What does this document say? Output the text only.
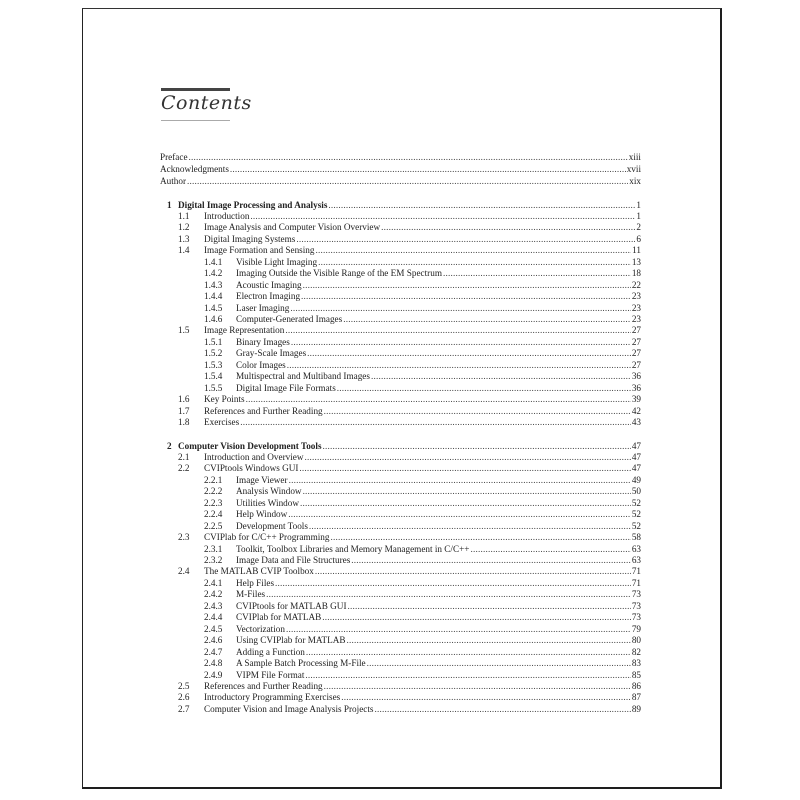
Contents
Preface .....	xiii
Acknowledgments .....	xvii
Author .....	xix
1 Digital Image Processing and Analysis .....	1
1.1	Introduction .....	1
1.2	Image Analysis and Computer Vision Overview .....	2
1.3	Digital Imaging Systems .....	6
1.4	Image Formation and Sensing .....	11
1.4.1	Visible Light Imaging .....	13
1.4.2	Imaging Outside the Visible Range of the EM Spectrum .....	18
1.4.3	Acoustic Imaging .....	22
1.4.4	Electron Imaging .....	23
1.4.5	Laser Imaging .....	23
1.4.6	Computer-Generated Images .....	23
1.5	Image Representation .....	27
1.5.1	Binary Images .....	27
1.5.2	Gray-Scale Images .....	27
1.5.3	Color Images .....	27
1.5.4	Multispectral and Multiband Images .....	36
1.5.5	Digital Image File Formats .....	36
1.6	Key Points .....	39
1.7	References and Further Reading .....	42
1.8	Exercises .....	43
2 Computer Vision Development Tools .....	47
2.1	Introduction and Overview .....	47
2.2	CVIPtools Windows GUI .....	47
2.2.1	Image Viewer .....	49
2.2.2	Analysis Window .....	50
2.2.3	Utilities Window .....	52
2.2.4	Help Window .....	52
2.2.5	Development Tools .....	52
2.3	CVIPlab for C/C++ Programming .....	58
2.3.1	Toolkit, Toolbox Libraries and Memory Management in C/C++ .....	63
2.3.2	Image Data and File Structures .....	63
2.4	The MATLAB CVIP Toolbox .....	71
2.4.1	Help Files .....	71
2.4.2	M-Files .....	73
2.4.3	CVIPtools for MATLAB GUI .....	73
2.4.4	CVIPlab for MATLAB .....	73
2.4.5	Vectorization .....	79
2.4.6	Using CVIPlab for MATLAB .....	80
2.4.7	Adding a Function .....	82
2.4.8	A Sample Batch Processing M-File .....	83
2.4.9	VIPM File Format .....	85
2.5	References and Further Reading .....	86
2.6	Introductory Programming Exercises .....	87
2.7	Computer Vision and Image Analysis Projects .....	89
